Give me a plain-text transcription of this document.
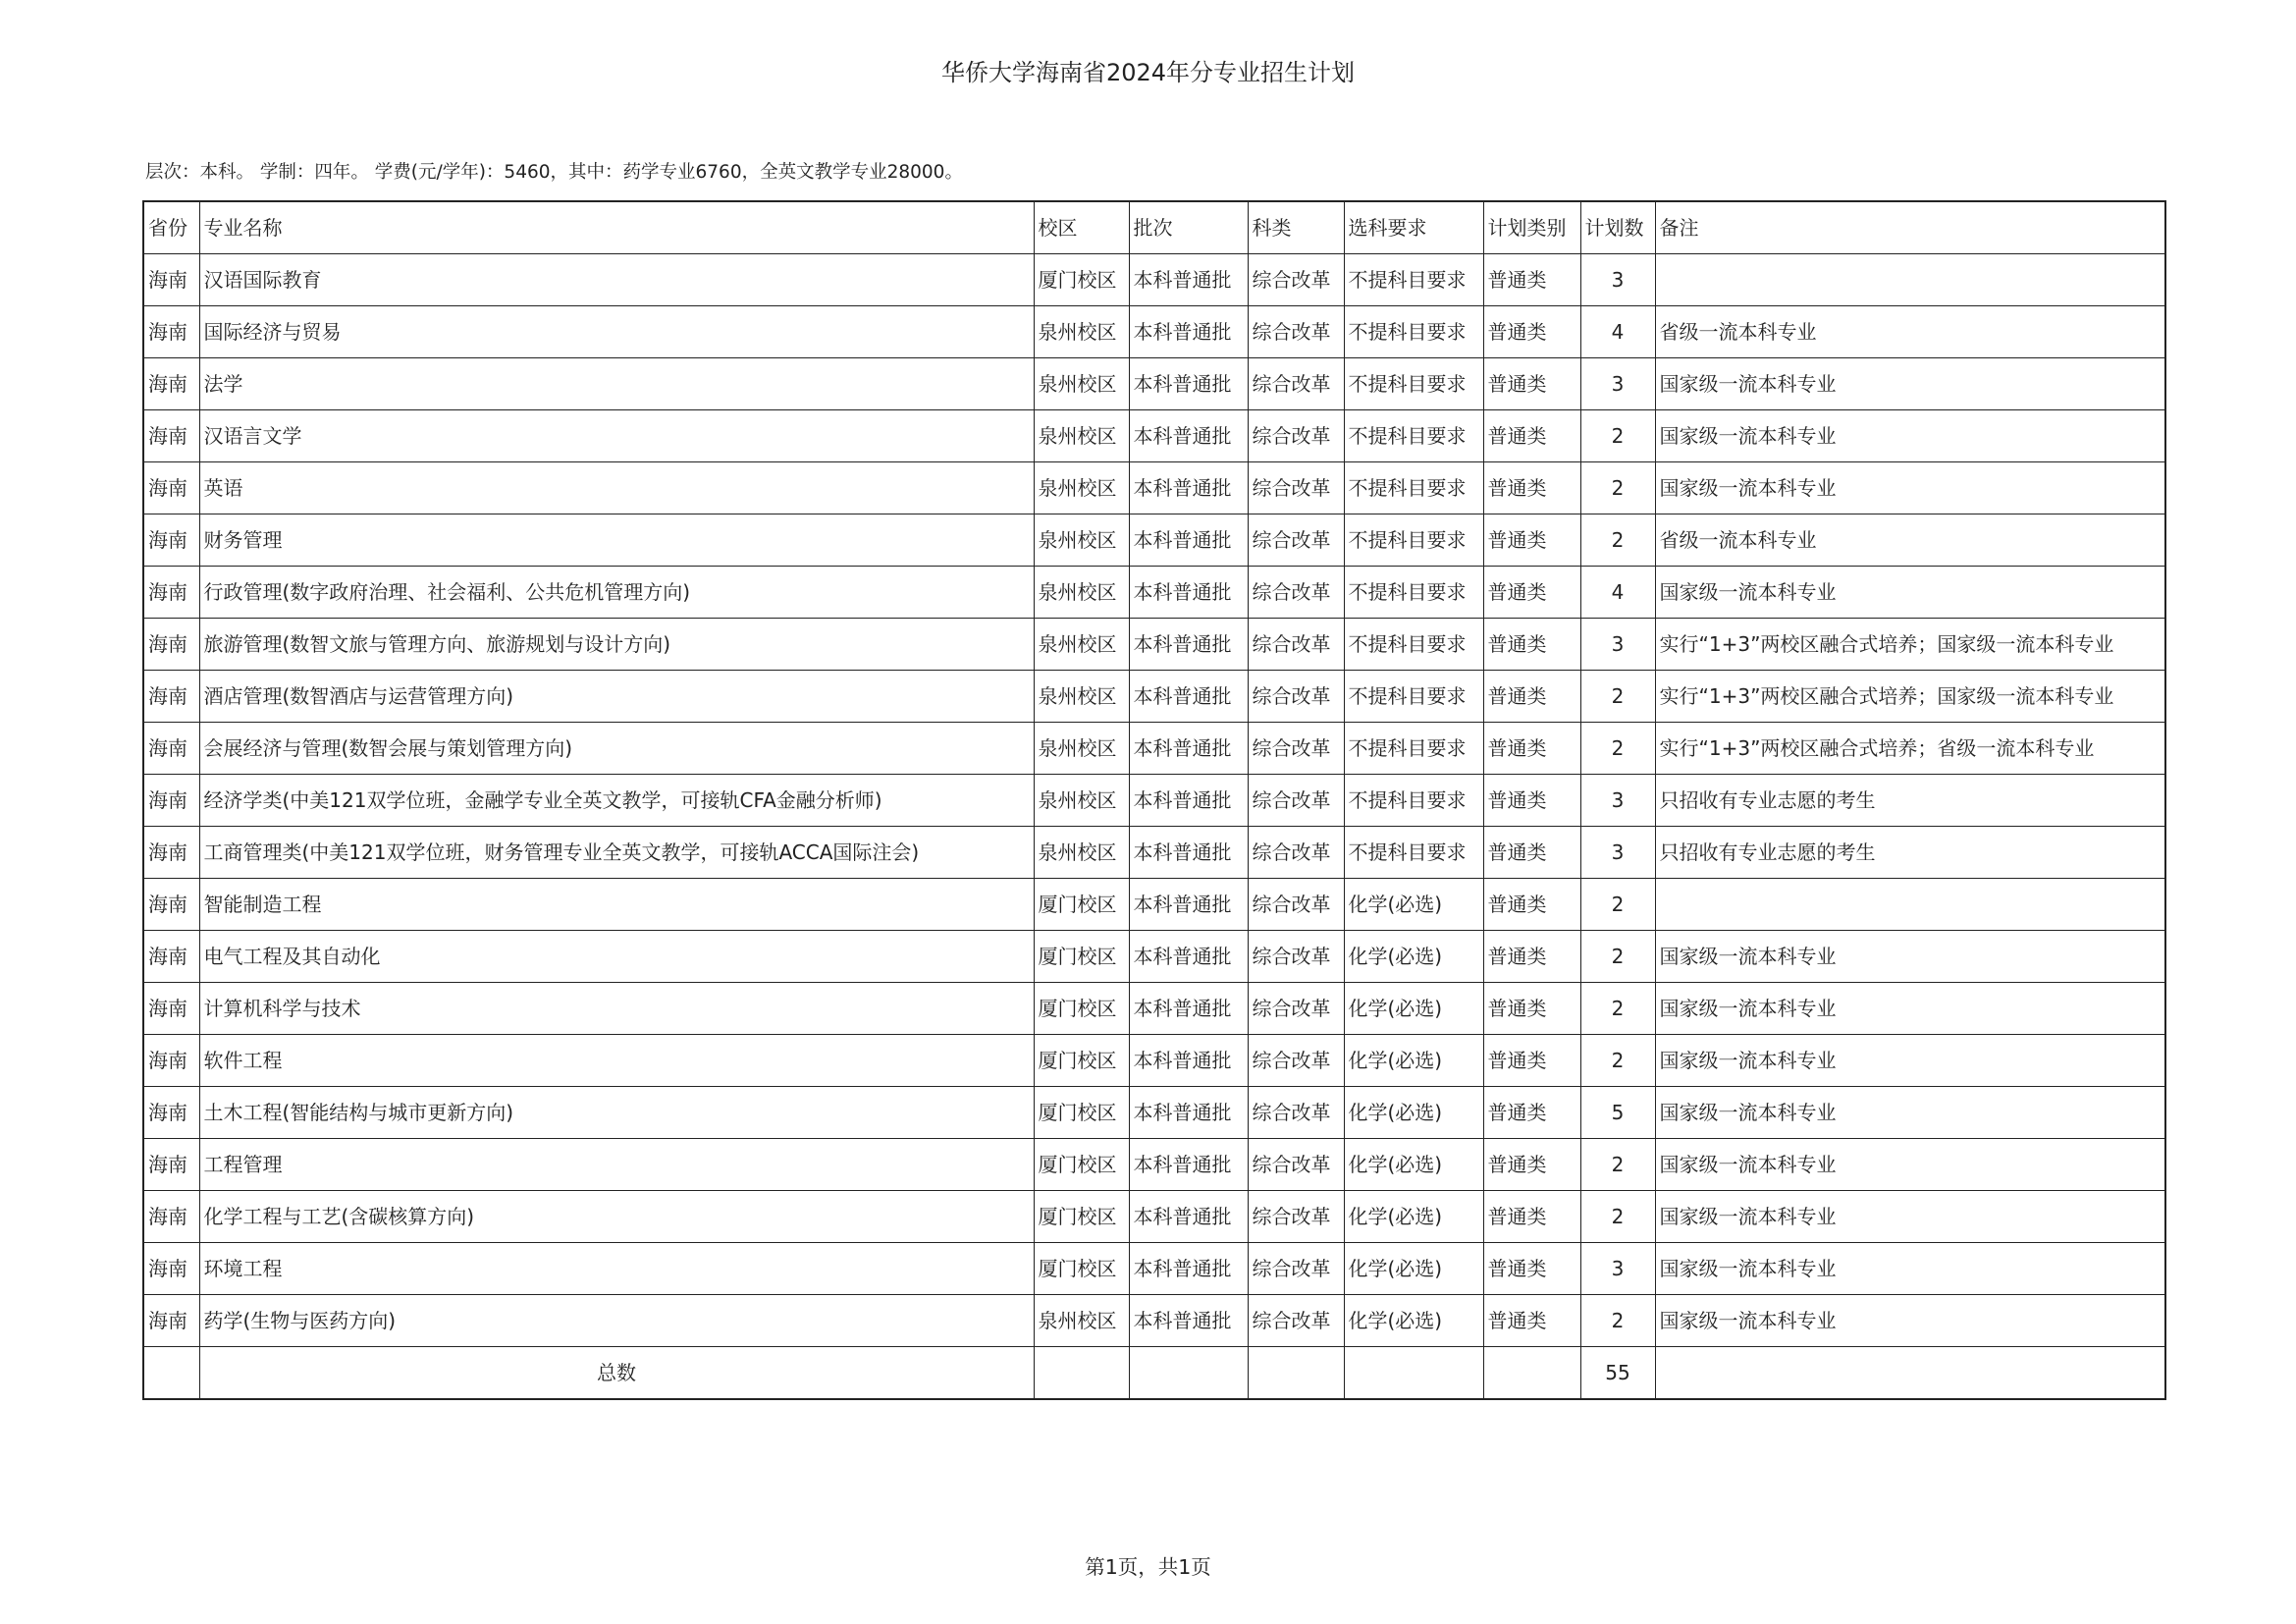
华侨大学海南省2024年分专业招生计划
层次：本科。 学制：四年。 学费(元/学年)：5460，其中：药学专业6760，全英文教学专业28000。
省份	专业名称	校区	批次	科类	选科要求	计划类别	计划数	备注
海南	汉语国际教育	厦门校区	本科普通批	综合改革	不提科目要求	普通类	3	
海南	国际经济与贸易	泉州校区	本科普通批	综合改革	不提科目要求	普通类	4	省级一流本科专业
海南	法学	泉州校区	本科普通批	综合改革	不提科目要求	普通类	3	国家级一流本科专业
海南	汉语言文学	泉州校区	本科普通批	综合改革	不提科目要求	普通类	2	国家级一流本科专业
海南	英语	泉州校区	本科普通批	综合改革	不提科目要求	普通类	2	国家级一流本科专业
海南	财务管理	泉州校区	本科普通批	综合改革	不提科目要求	普通类	2	省级一流本科专业
海南	行政管理(数字政府治理、社会福利、公共危机管理方向)	泉州校区	本科普通批	综合改革	不提科目要求	普通类	4	国家级一流本科专业
海南	旅游管理(数智文旅与管理方向、旅游规划与设计方向)	泉州校区	本科普通批	综合改革	不提科目要求	普通类	3	实行“1+3”两校区融合式培养；国家级一流本科专业
海南	酒店管理(数智酒店与运营管理方向)	泉州校区	本科普通批	综合改革	不提科目要求	普通类	2	实行“1+3”两校区融合式培养；国家级一流本科专业
海南	会展经济与管理(数智会展与策划管理方向)	泉州校区	本科普通批	综合改革	不提科目要求	普通类	2	实行“1+3”两校区融合式培养；省级一流本科专业
海南	经济学类(中美121双学位班，金融学专业全英文教学，可接轨CFA金融分析师)	泉州校区	本科普通批	综合改革	不提科目要求	普通类	3	只招收有专业志愿的考生
海南	工商管理类(中美121双学位班，财务管理专业全英文教学，可接轨ACCA国际注会)	泉州校区	本科普通批	综合改革	不提科目要求	普通类	3	只招收有专业志愿的考生
海南	智能制造工程	厦门校区	本科普通批	综合改革	化学(必选)	普通类	2	
海南	电气工程及其自动化	厦门校区	本科普通批	综合改革	化学(必选)	普通类	2	国家级一流本科专业
海南	计算机科学与技术	厦门校区	本科普通批	综合改革	化学(必选)	普通类	2	国家级一流本科专业
海南	软件工程	厦门校区	本科普通批	综合改革	化学(必选)	普通类	2	国家级一流本科专业
海南	土木工程(智能结构与城市更新方向)	厦门校区	本科普通批	综合改革	化学(必选)	普通类	5	国家级一流本科专业
海南	工程管理	厦门校区	本科普通批	综合改革	化学(必选)	普通类	2	国家级一流本科专业
海南	化学工程与工艺(含碳核算方向)	厦门校区	本科普通批	综合改革	化学(必选)	普通类	2	国家级一流本科专业
海南	环境工程	厦门校区	本科普通批	综合改革	化学(必选)	普通类	3	国家级一流本科专业
海南	药学(生物与医药方向)	泉州校区	本科普通批	综合改革	化学(必选)	普通类	2	国家级一流本科专业
	总数						55	
第1页，共1页
